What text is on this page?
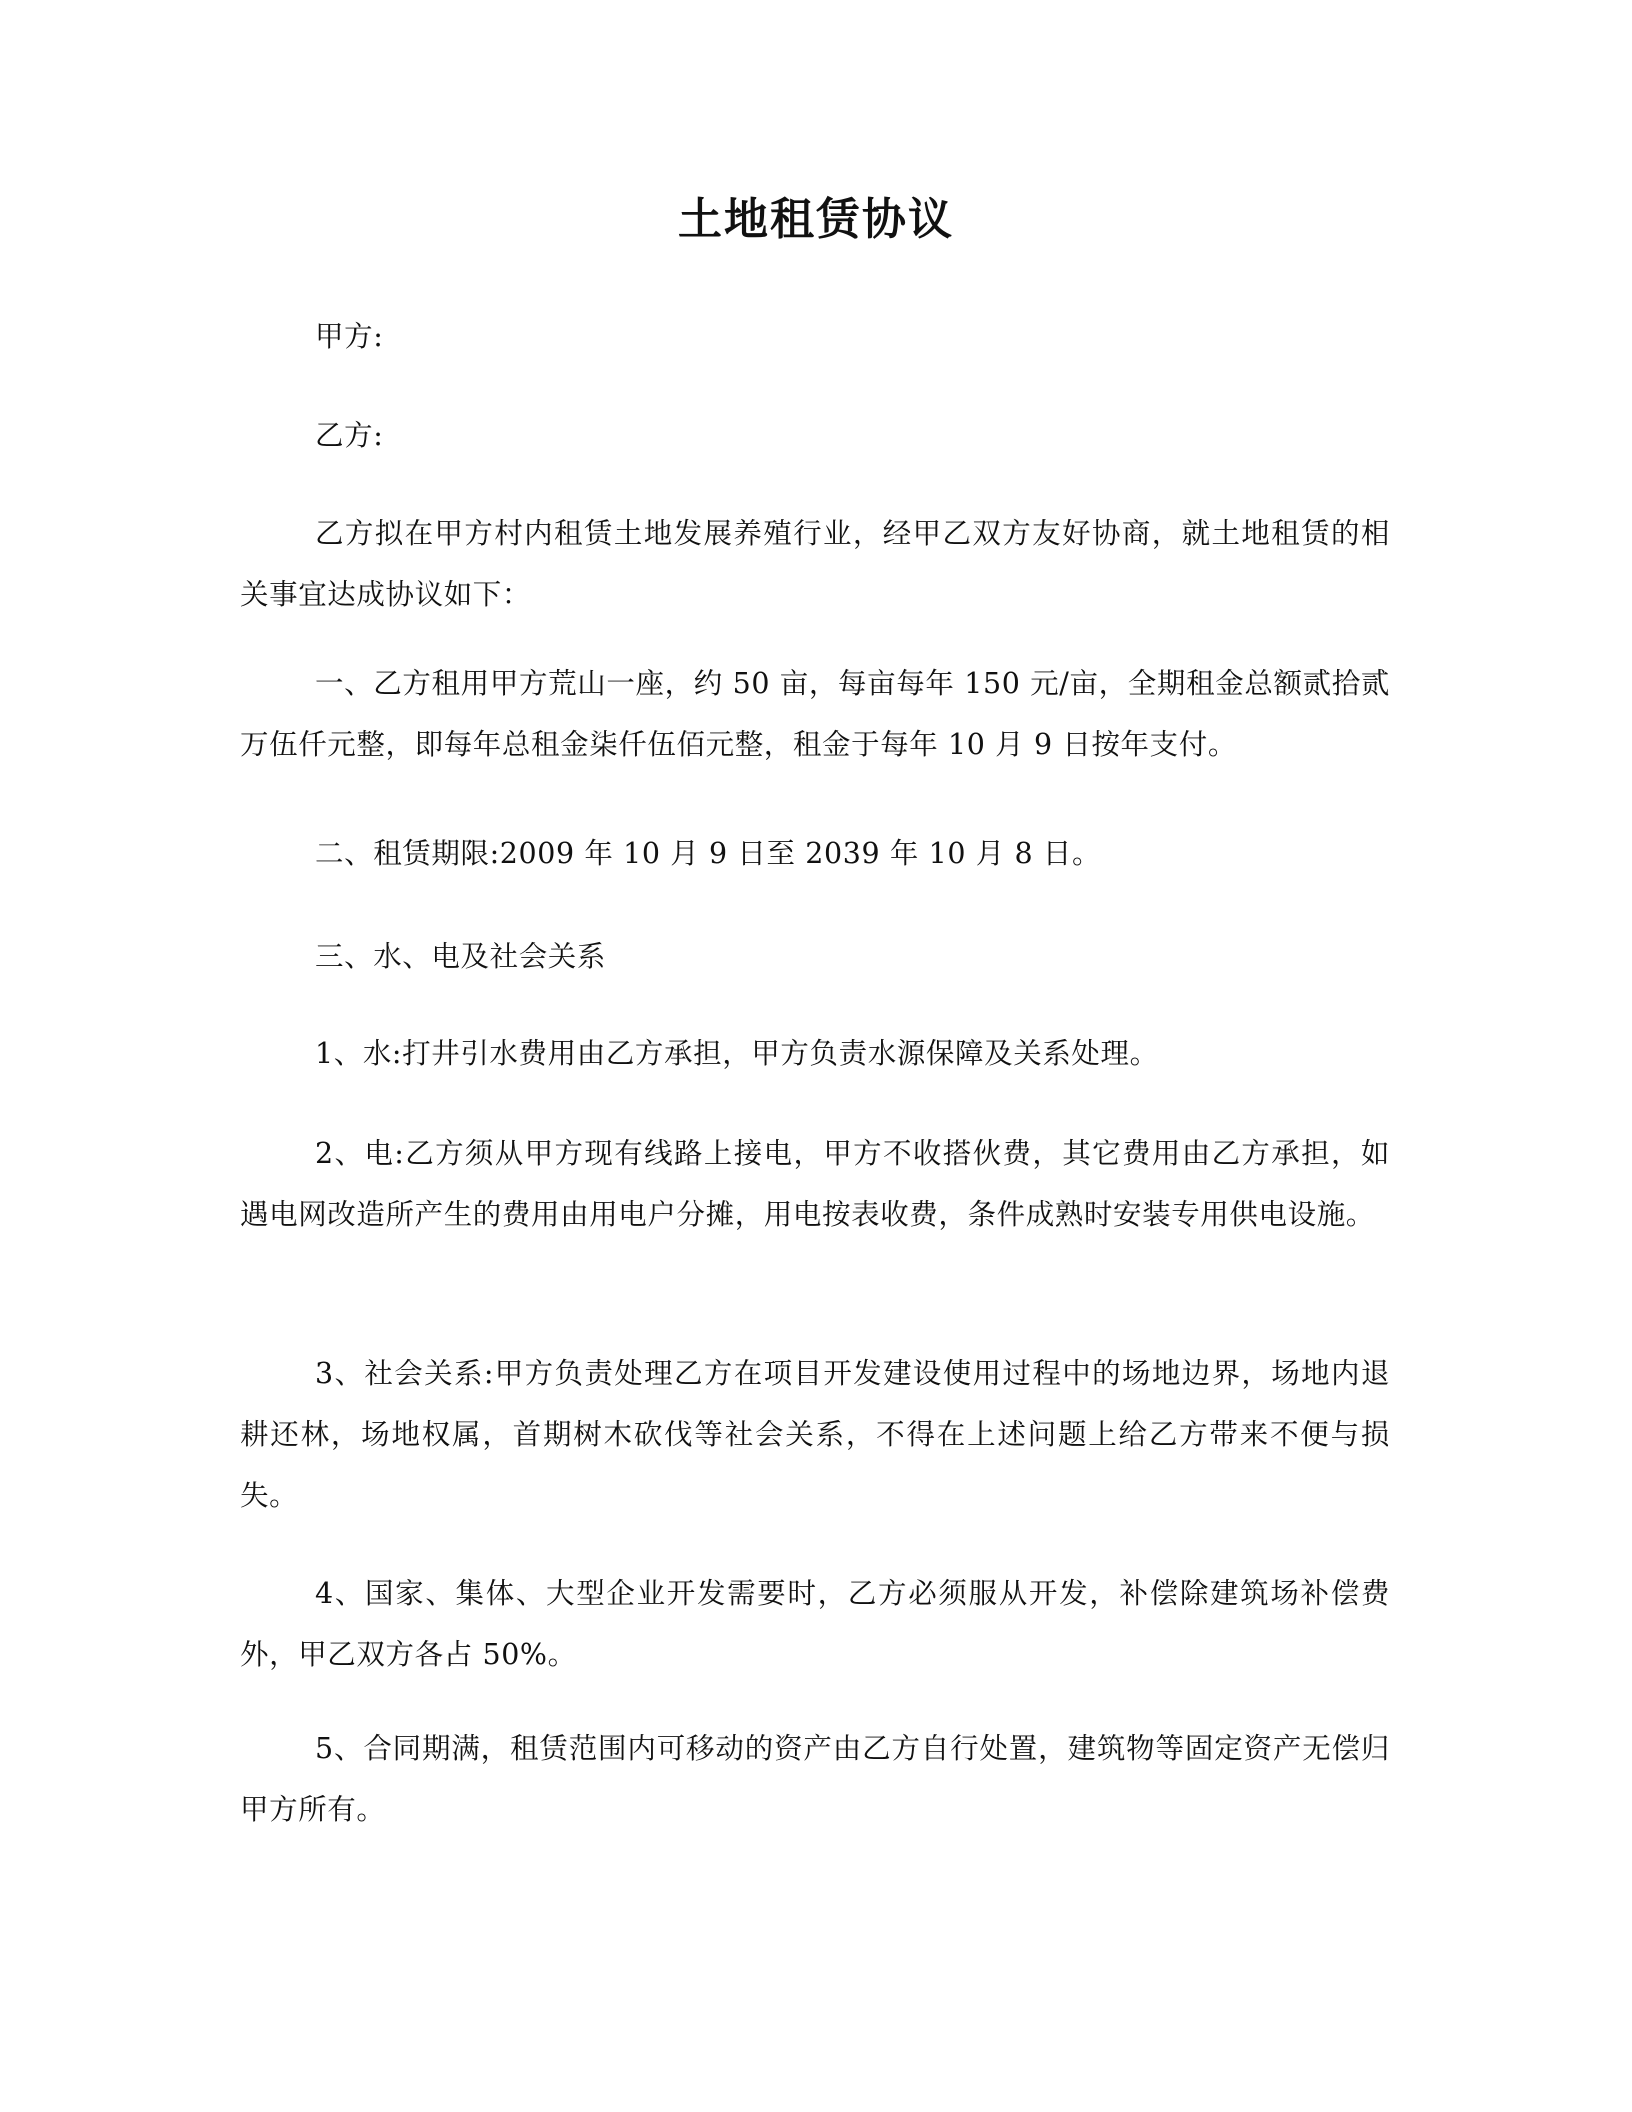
土地租赁协议

甲方:

乙方:

乙方拟在甲方村内租赁土地发展养殖行业，经甲乙双方友好协商，就土地租赁的相关事宜达成协议如下：

一、乙方租用甲方荒山一座，约 50 亩，每亩每年 150 元/亩，全期租金总额贰拾贰万伍仟元整，即每年总租金柒仟伍佰元整，租金于每年 10 月 9 日按年支付。

二、租赁期限:2009 年 10 月 9 日至 2039 年 10 月 8 日。

三、水、电及社会关系

1、水:打井引水费用由乙方承担，甲方负责水源保障及关系处理。

2、电:乙方须从甲方现有线路上接电，甲方不收搭伙费，其它费用由乙方承担，如遇电网改造所产生的费用由用电户分摊，用电按表收费，条件成熟时安装专用供电设施。

3、社会关系:甲方负责处理乙方在项目开发建设使用过程中的场地边界，场地内退耕还林，场地权属，首期树木砍伐等社会关系，不得在上述问题上给乙方带来不便与损失。

4、国家、集体、大型企业开发需要时，乙方必须服从开发，补偿除建筑场补偿费外，甲乙双方各占 50%。

5、合同期满，租赁范围内可移动的资产由乙方自行处置，建筑物等固定资产无偿归甲方所有。
